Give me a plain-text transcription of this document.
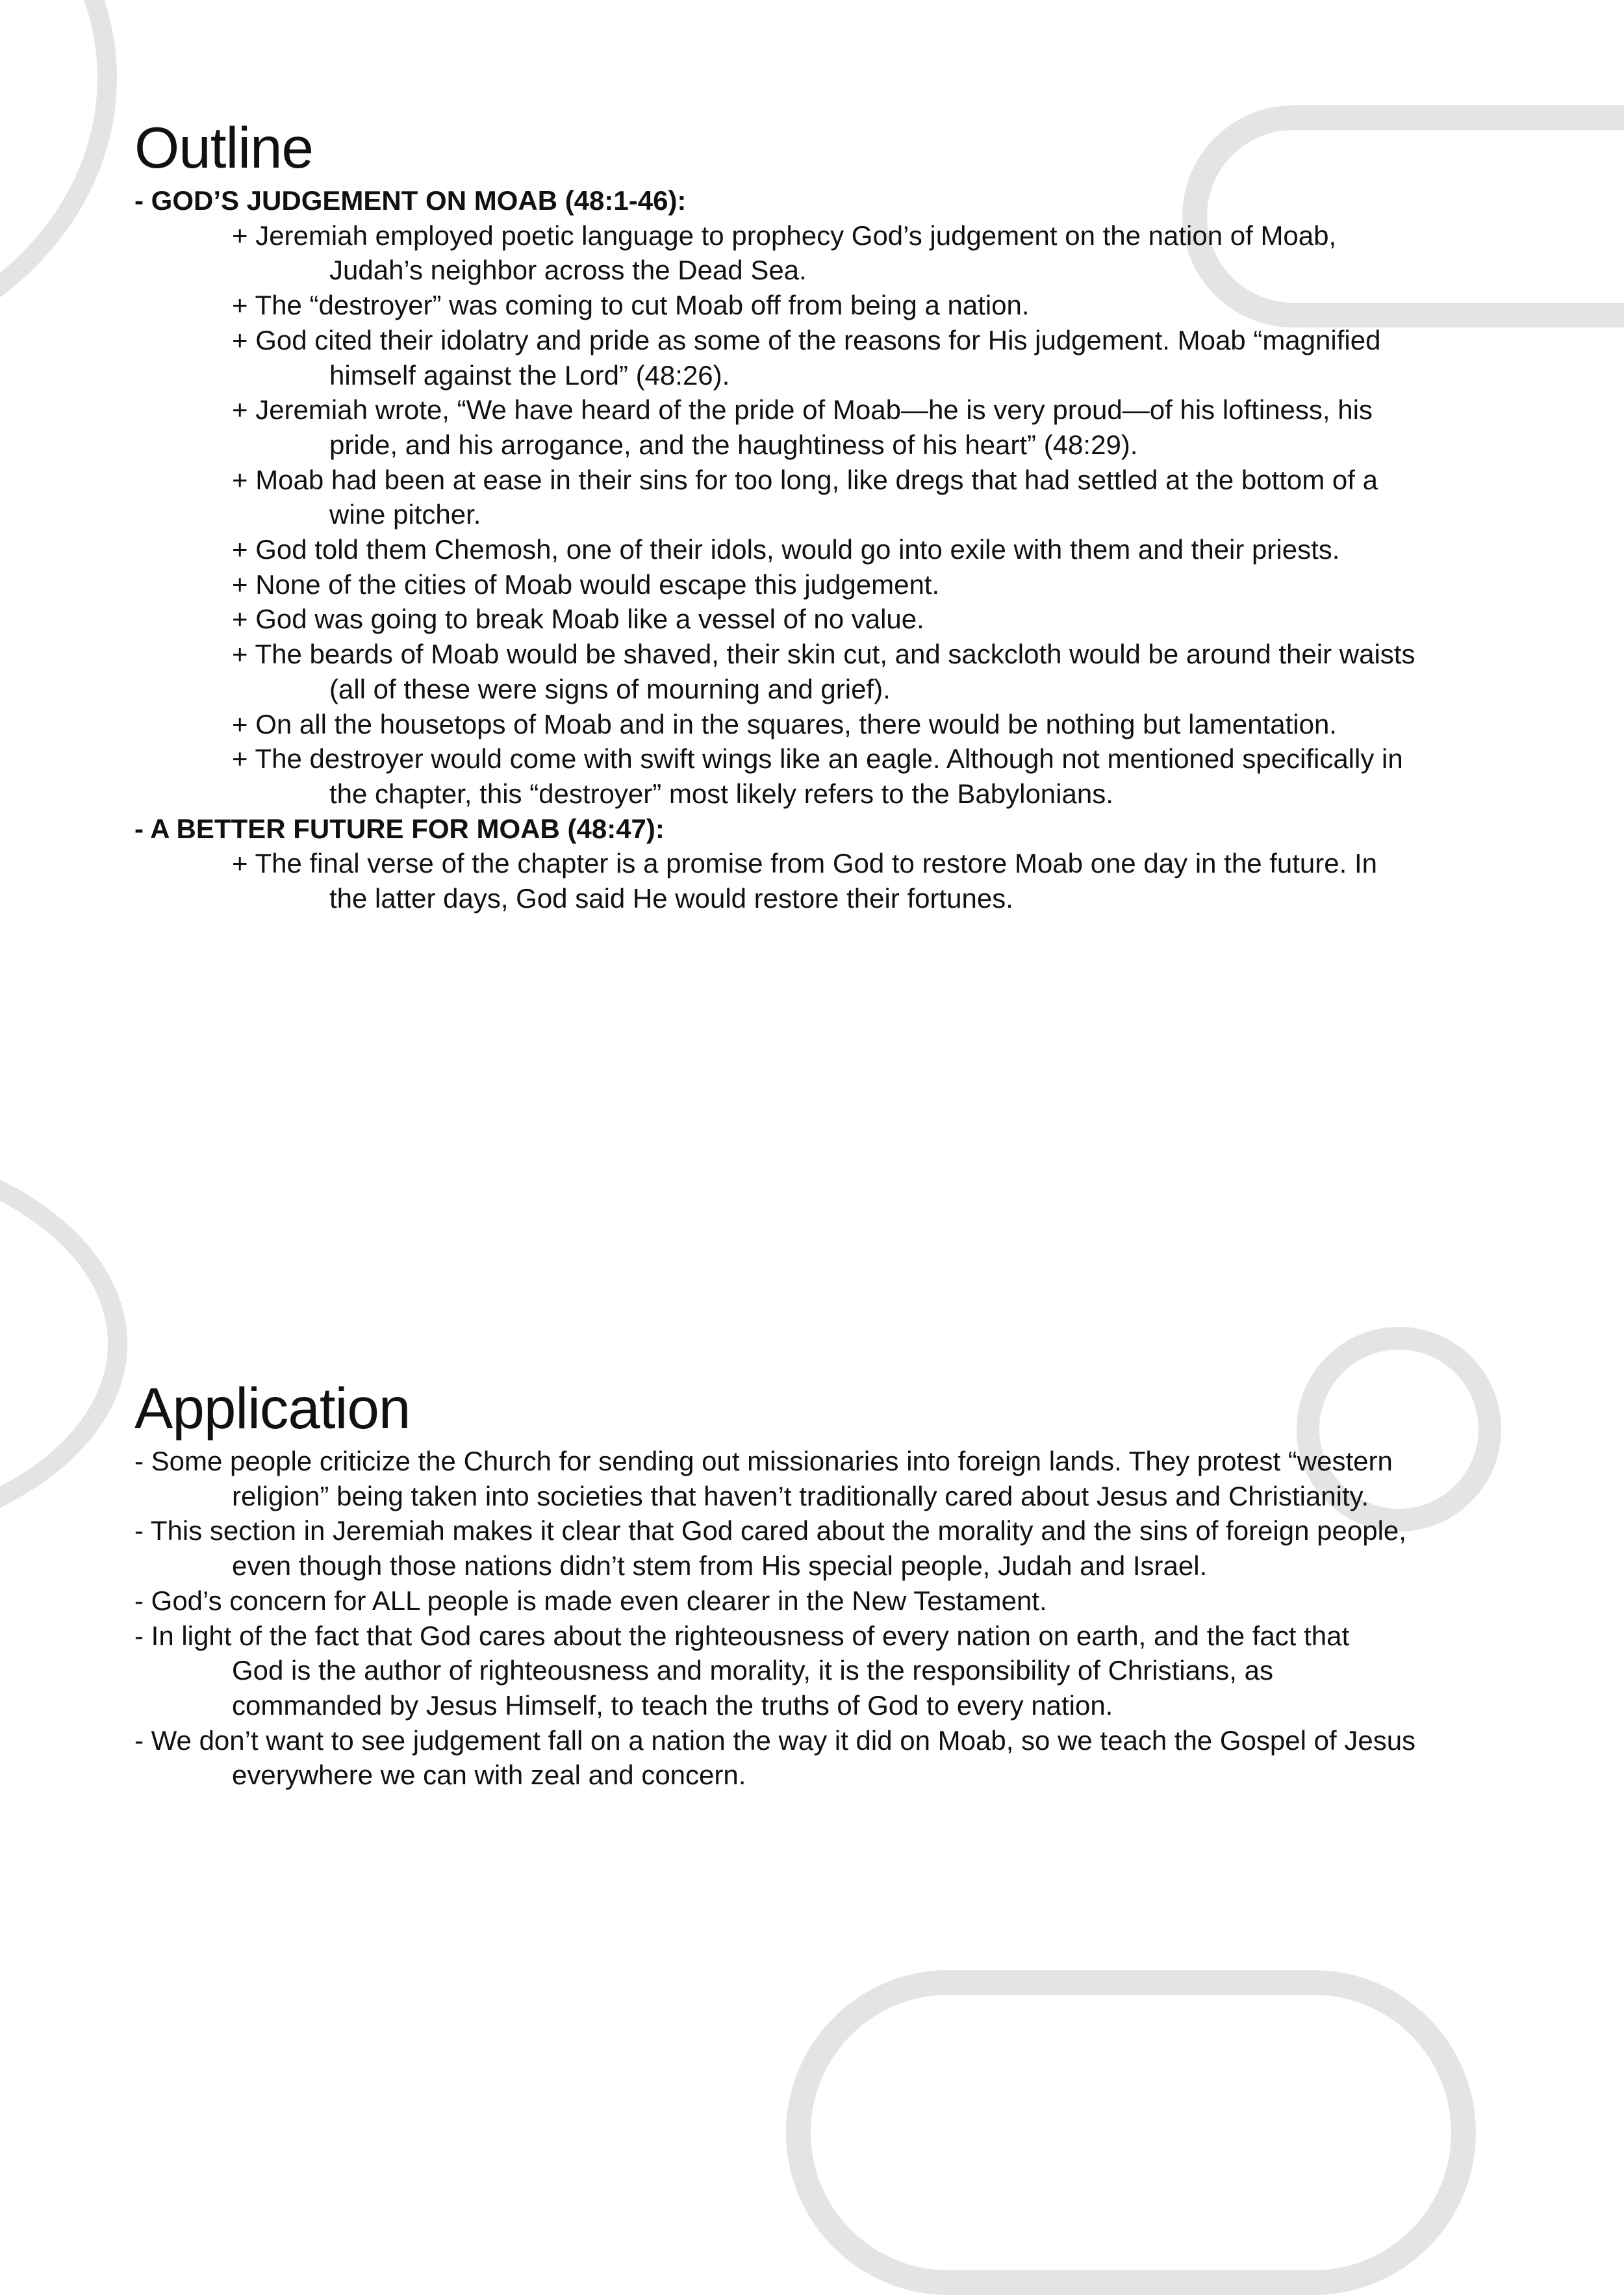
Outline
- GOD’S JUDGEMENT ON MOAB (48:1-46):
+ Jeremiah employed poetic language to prophecy God’s judgement on the nation of Moab,
Judah’s neighbor across the Dead Sea.
+ The “destroyer” was coming to cut Moab off from being a nation.
+ God cited their idolatry and pride as some of the reasons for His judgement. Moab “magnified
himself against the Lord” (48:26).
+ Jeremiah wrote, “We have heard of the pride of Moab—he is very proud—of his loftiness, his
pride, and his arrogance, and the haughtiness of his heart” (48:29).
+ Moab had been at ease in their sins for too long, like dregs that had settled at the bottom of a
wine pitcher.
+ God told them Chemosh, one of their idols, would go into exile with them and their priests.
+ None of the cities of Moab would escape this judgement.
+ God was going to break Moab like a vessel of no value.
+ The beards of Moab would be shaved, their skin cut, and sackcloth would be around their waists
(all of these were signs of mourning and grief).
+ On all the housetops of Moab and in the squares, there would be nothing but lamentation.
+ The destroyer would come with swift wings like an eagle. Although not mentioned specifically in
the chapter, this “destroyer” most likely refers to the Babylonians.
- A BETTER FUTURE FOR MOAB (48:47):
+ The final verse of the chapter is a promise from God to restore Moab one day in the future. In
the latter days, God said He would restore their fortunes.
Application
- Some people criticize the Church for sending out missionaries into foreign lands. They protest “western
religion” being taken into societies that haven’t traditionally cared about Jesus and Christianity.
- This section in Jeremiah makes it clear that God cared about the morality and the sins of foreign people,
even though those nations didn’t stem from His special people, Judah and Israel.
- God’s concern for ALL people is made even clearer in the New Testament.
- In light of the fact that God cares about the righteousness of every nation on earth, and the fact that
God is the author of righteousness and morality, it is the responsibility of Christians, as
commanded by Jesus Himself, to teach the truths of God to every nation.
- We don’t want to see judgement fall on a nation the way it did on Moab, so we teach the Gospel of Jesus
everywhere we can with zeal and concern.
